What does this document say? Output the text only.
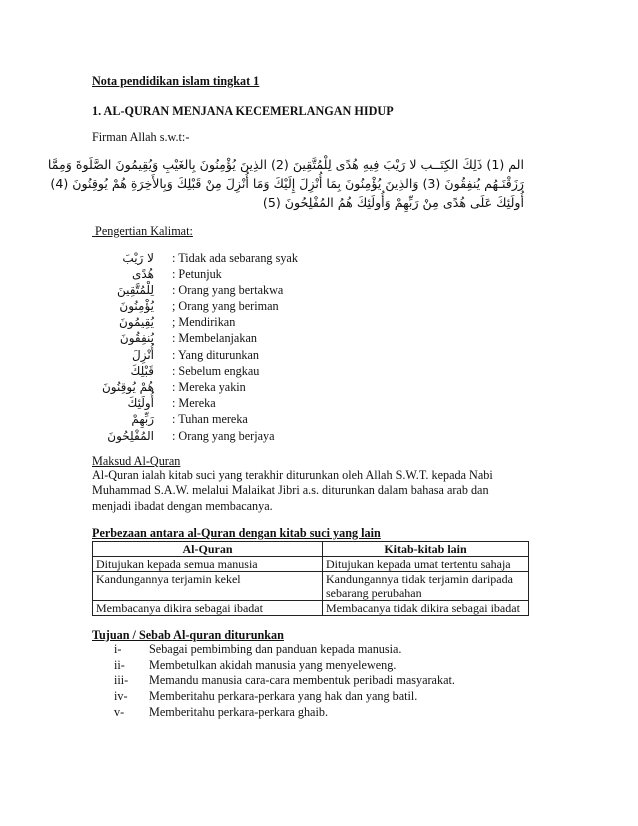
Nota pendidikan islam tingkat 1

1. AL-QURAN MENJANA KECEMERLANGAN HIDUP

Firman Allah s.w.t:-

الم (1) ذَلِكَ الكِتَــب لا رَيْبَ فِيهِ هُدًى لِلْمُتَّقِينَ (2) الذِينَ يُؤْمِنُونَ بِالغَيْبِ وَيُقِيمُونَ الصَّلَوةَ وَمِمَّا
رَزَقْنَـهُم يُنفِقُونَ (3) وَالذِينَ يُؤْمِنُونَ بِمَا أُنْزِلَ إِلَيْكَ وَمَا أُنْزِلَ مِنْ قَبْلِكَ وَبِالأَخِرَةِ هُمْ يُوقِنُونَ (4)
أُولَئِكَ عَلَى هُدًى مِنْ رَبِّهِمْ وَأُولَئِكَ هُمُ المُفْلِحُونَ (5)

Pengertian Kalimat:

لا رَيْبَ : Tidak ada sebarang syak
هُدًى : Petunjuk
لِلْمُتَّقِينَ : Orang yang bertakwa
يُؤْمِنُونَ ; Orang yang beriman
يُقِيمُونَ ; Mendirikan
يُنفِقُونَ : Membelanjakan
أُنْزِلَ : Yang diturunkan
قَبْلِكَ : Sebelum engkau
هُمْ يُوقِنُونَ : Mereka yakin
أُولَئِكَ : Mereka
رَبِّهِمْ : Tuhan mereka
المُفْلِحُونَ : Orang yang berjaya

Maksud Al-Quran

Al-Quran ialah kitab suci yang terakhir diturunkan oleh Allah S.W.T. kepada Nabi
Muhammad S.A.W. melalui Malaikat Jibri a.s. diturunkan dalam bahasa arab dan
menjadi ibadat dengan membacanya.

Perbezaan antara al-Quran dengan kitab suci yang lain

Al-Quran	Kitab-kitab lain
Ditujukan kepada semua manusia	Ditujukan kepada umat tertentu sahaja
Kandungannya terjamin kekel	Kandungannya tidak terjamin daripada sebarang perubahan
Membacanya dikira sebagai ibadat	Membacanya tidak dikira sebagai ibadat

Tujuan / Sebab Al-quran diturunkan

i- Sebagai pembimbing dan panduan kepada manusia.
ii- Membetulkan akidah manusia yang menyeleweng.
iii- Memandu manusia cara-cara membentuk peribadi masyarakat.
iv- Memberitahu perkara-perkara yang hak dan yang batil.
v- Memberitahu perkara-perkara ghaib.
